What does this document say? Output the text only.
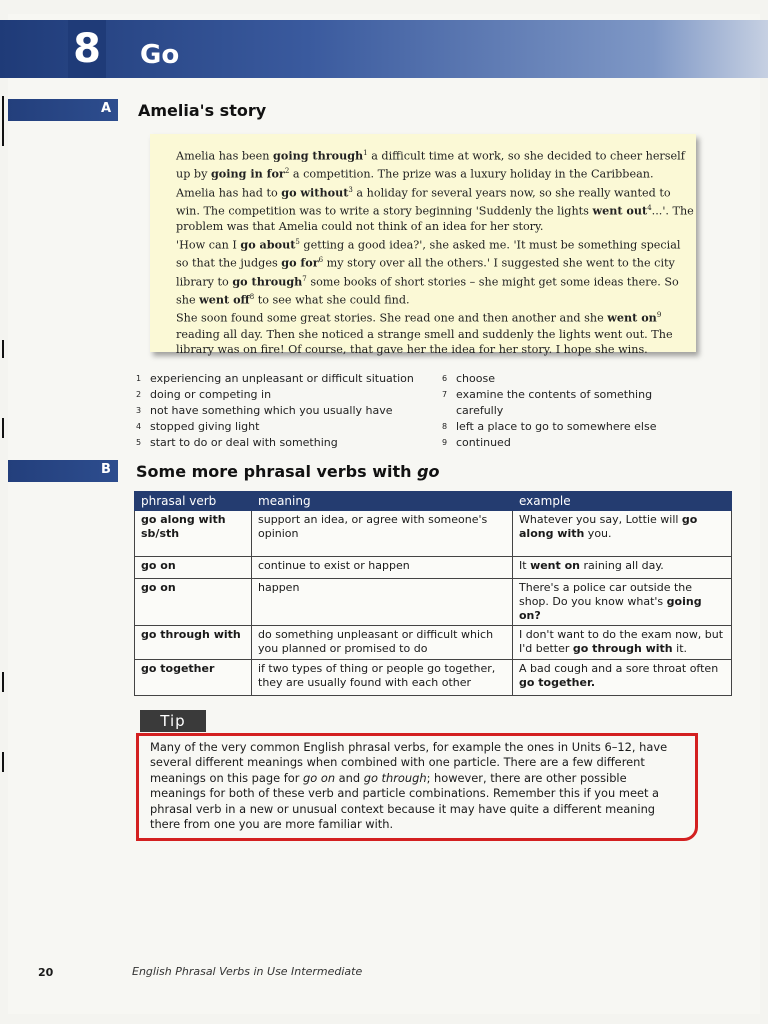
8 Go
A Amelia's story

Amelia has been going through$^1$ a difficult time at work, so she decided to cheer herself up by going in for$^2$ a competition. The prize was a luxury holiday in the Caribbean. Amelia has had to go without$^3$ a holiday for several years now, so she really wanted to win. The competition was to write a story beginning 'Suddenly the lights went out$^4$...'. The problem was that Amelia could not think of an idea for her story.

'How can I go about$^5$ getting a good idea?', she asked me. 'It must be something special so that the judges go for$^6$ my story over all the others.' I suggested she went to the city library to go through$^7$ some books of short stories – she might get some ideas there. So she went off$^8$ to see what she could find.

She soon found some great stories. She read one and then another and she went $on^9$ reading all day. Then she noticed a strange smell and suddenly the lights went out. The library was on fire! Of course, that gave her the idea for her story. I hope she wins.

1 experiencing an unpleasant or difficult situation
2 doing or competing in
3 not have something which you usually have
4 stopped giving light
5 start to do or deal with something
6 choose
7 examine the contents of something
carefully
8 left a place to go to somewhere else
9 continued
B Some more phrasal verbs with go
phrasal verb	meaning	example
go along with sb/sth	support an idea, or agree with someone's opinion	Whatever you say, Lottie will go along with you.
go on	continue to exist or happen	It went on raining all day.
go on	happen	There's a police car outside the shop. Do you know what's going on?
go through with	do something unpleasant or difficult which you planned or promised to do	I don't want to do the exam now, but I'd better go through with it.
go together	if two types of thing or people go together, they are usually found with each other	A bad cough and a sore throat often go together.
Tip
Many of the very common English phrasal verbs, for example the ones in Units 6–12, have several different meanings when combined with one particle. There are a few different meanings on this page for go on and go through; however, there are other possible meanings for both of these verb and particle combinations. Remember this if you meet a phrasal verb in a new or unusual context because it may have quite a different meaning there from one you are more familiar with.
20	English Phrasal Verbs in Use Intermediate
